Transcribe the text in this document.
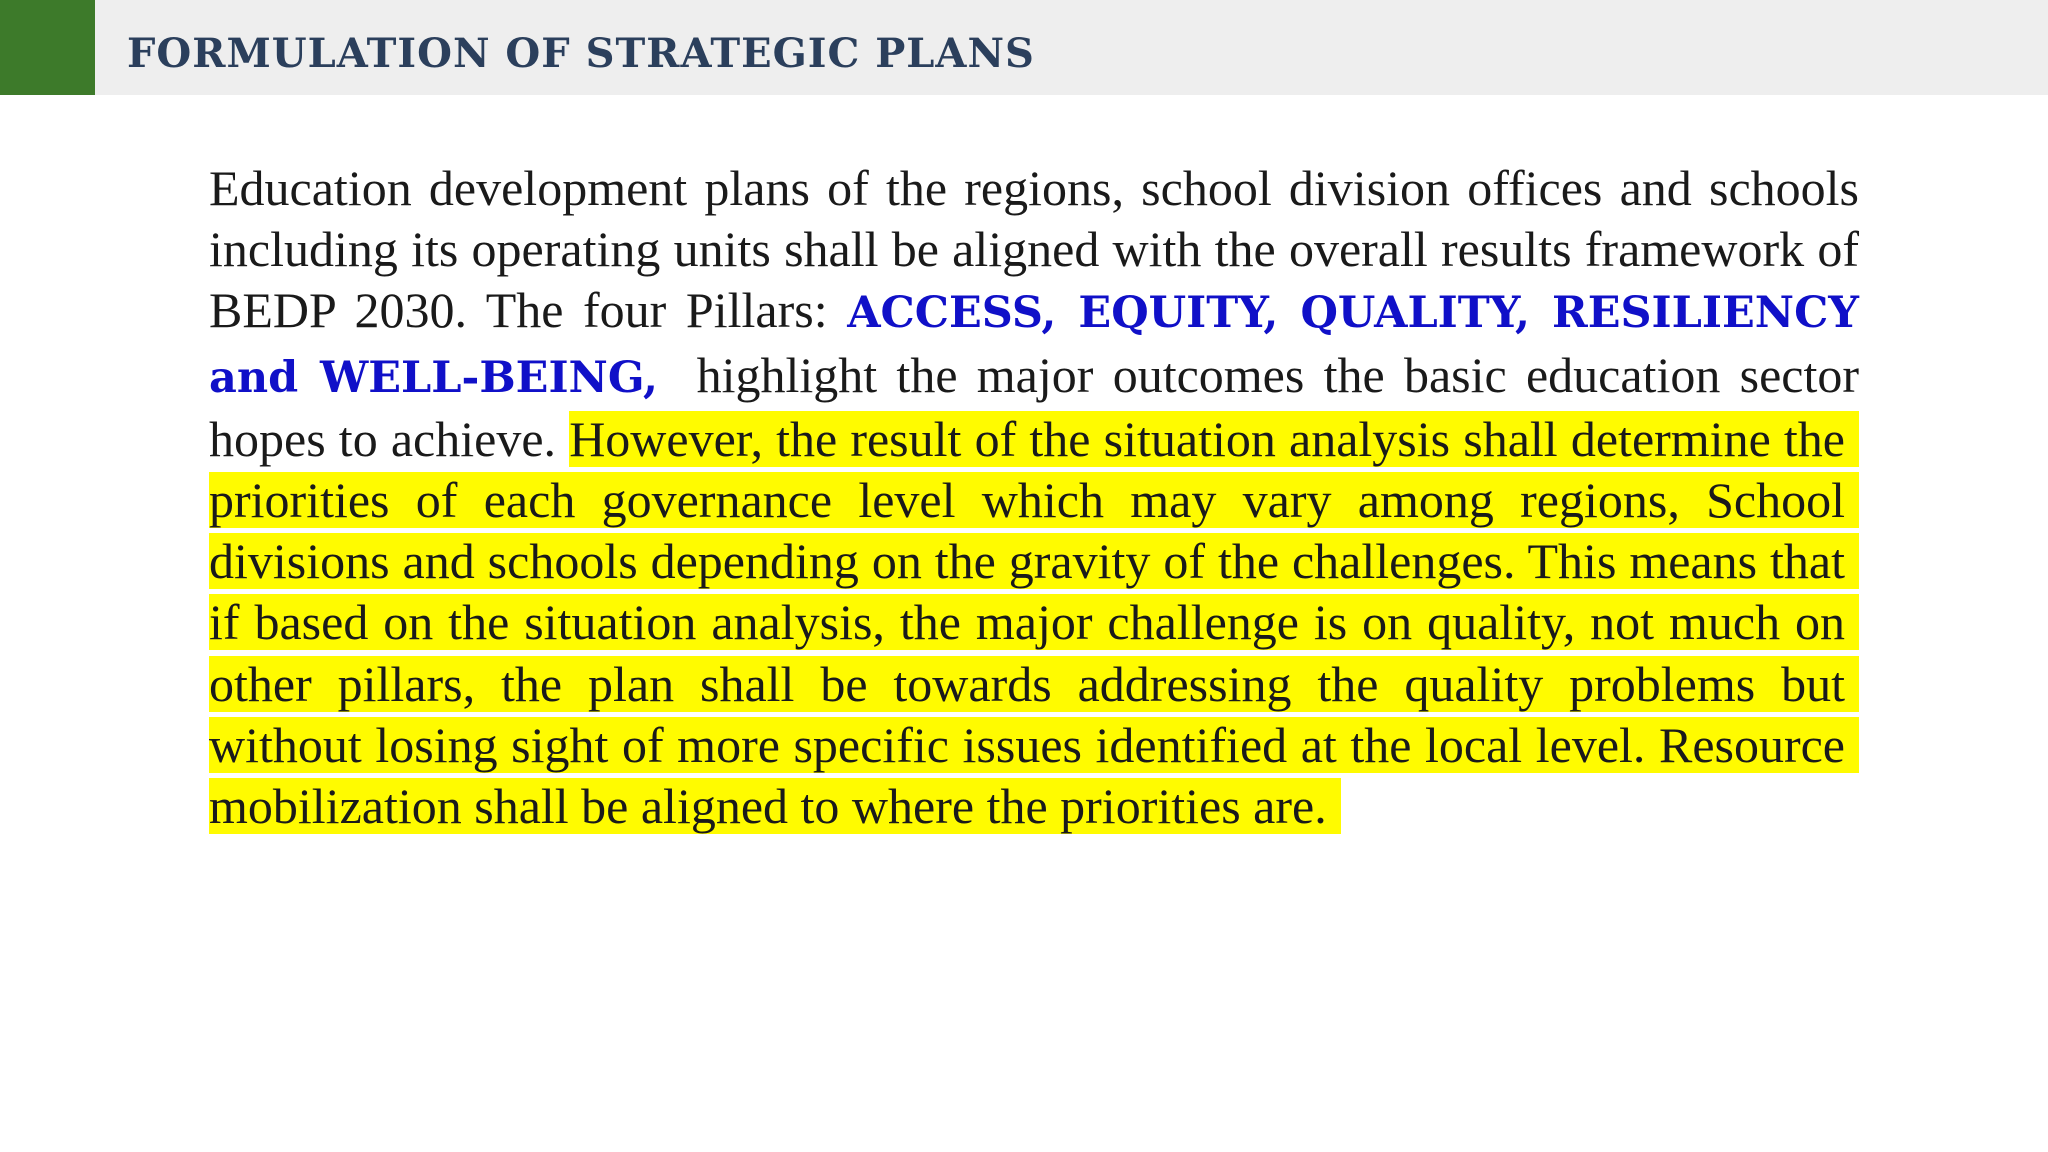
FORMULATION OF STRATEGIC PLANS
Education development plans of the regions, school division offices and schools including its operating units shall be aligned with the overall results framework of BEDP 2030. The four Pillars: ACCESS, EQUITY, QUALITY, RESILIENCY and WELL-BEING,  highlight the major outcomes the basic education sector hopes to achieve. However, the result of the situation analysis shall determine the priorities of each governance level which may vary among regions, School divisions and schools depending on the gravity of the challenges. This means that if based on the situation analysis, the major challenge is on quality, not much on other pillars, the plan shall be towards addressing the quality problems but without losing sight of more specific issues identified at the local level. Resource mobilization shall be aligned to where the priorities are.
